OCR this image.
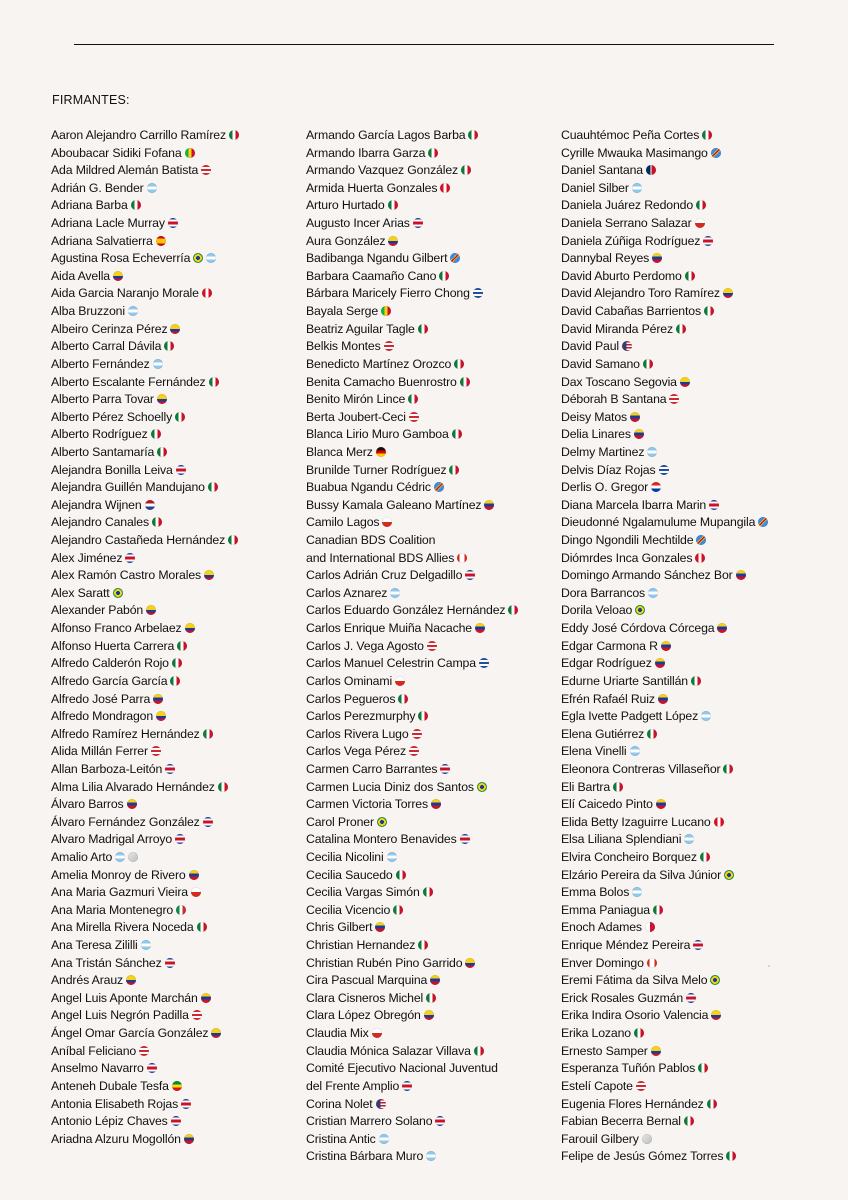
FIRMANTES:
Aaron Alejandro Carrillo Ramírez
Aboubacar Sidiki Fofana
Ada Mildred Alemán Batista
Adrián G. Bender
Adriana Barba
Adriana Lacle Murray
Adriana Salvatierra
Agustina Rosa Echeverría
Aida Avella
Aida Garcia Naranjo Morale
Alba Bruzzoni
Albeiro Cerinza Pérez
Alberto Carral Dávila
Alberto Fernández
Alberto Escalante Fernández
Alberto Parra Tovar
Alberto Pérez Schoelly
Alberto Rodríguez
Alberto Santamaría
Alejandra Bonilla Leiva
Alejandra Guillén Mandujano
Alejandra Wijnen
Alejandro Canales
Alejandro Castañeda Hernández
Alex Jiménez
Alex Ramón Castro Morales
Alex Saratt
Alexander Pabón
Alfonso Franco Arbelaez
Alfonso Huerta Carrera
Alfredo Calderón Rojo
Alfredo García García
Alfredo José Parra
Alfredo Mondragon
Alfredo Ramírez Hernández
Alida Millán Ferrer
Allan Barboza-Leitón
Alma Lilia Alvarado Hernández
Álvaro Barros
Álvaro Fernández González
Alvaro Madrigal Arroyo
Amalio Arto
Amelia Monroy de Rivero
Ana Maria Gazmuri Vieira
Ana Maria Montenegro
Ana Mirella Rivera Noceda
Ana Teresa Zililli
Ana Tristán Sánchez
Andrés Arauz
Angel Luis Aponte Marchán
Angel Luis Negrón Padilla
Ángel Omar García González
Aníbal Feliciano
Anselmo Navarro
Anteneh Dubale Tesfa
Antonia Elisabeth Rojas
Antonio Lépiz Chaves
Ariadna Alzuru Mogollón
Armando García Lagos Barba
Armando Ibarra Garza
Armando Vazquez González
Armida Huerta Gonzales
Arturo Hurtado
Augusto Incer Arias
Aura González
Badibanga Ngandu Gilbert
Barbara Caamaño Cano
Bárbara Maricely Fierro Chong
Bayala Serge
Beatriz Aguilar Tagle
Belkis Montes
Benedicto Martínez Orozco
Benita Camacho Buenrostro
Benito Mirón Lince
Berta Joubert-Ceci
Blanca Lirio Muro Gamboa
Blanca Merz
Brunilde Turner Rodríguez
Buabua Ngandu Cédric
Bussy Kamala Galeano Martínez
Camilo Lagos
Canadian BDS Coalition
and International BDS Allies
Carlos Adrián Cruz Delgadillo
Carlos Aznarez
Carlos Eduardo González Hernández
Carlos Enrique Muiña Nacache
Carlos J. Vega Agosto
Carlos Manuel Celestrin Campa
Carlos Ominami
Carlos Pegueros
Carlos Perezmurphy
Carlos Rivera Lugo
Carlos Vega Pérez
Carmen Carro Barrantes
Carmen Lucia Diniz dos Santos
Carmen Victoria Torres
Carol Proner
Catalina Montero Benavides
Cecilia Nicolini
Cecilia Saucedo
Cecilia Vargas Simón
Cecilia Vicencio
Chris Gilbert
Christian Hernandez
Christian Rubén Pino Garrido
Cira Pascual Marquina
Clara Cisneros Michel
Clara López Obregón
Claudia Mix
Claudia Mónica Salazar Villava
Comité Ejecutivo Nacional Juventud
del Frente Amplio
Corina Nolet
Cristian Marrero Solano
Cristina Antic
Cristina Bárbara Muro
Cuauhtémoc Peña Cortes
Cyrille Mwauka Masimango
Daniel Santana
Daniel Silber
Daniela Juárez Redondo
Daniela Serrano Salazar
Daniela Zúñiga Rodríguez
Dannybal Reyes
David Aburto Perdomo
David Alejandro Toro Ramírez
David Cabañas Barrientos
David Miranda Pérez
David Paul
David Samano
Dax Toscano Segovia
Déborah B Santana
Deisy Matos
Delia Linares
Delmy Martinez
Delvis Díaz Rojas
Derlis O. Gregor
Diana Marcela Ibarra Marin
Dieudonné Ngalamulume Mupangila
Dingo Ngondili Mechtilde
Diómrdes Inca Gonzales
Domingo Armando Sánchez Bor
Dora Barrancos
Dorila Veloao
Eddy José Córdova Córcega
Edgar Carmona R
Edgar Rodríguez
Edurne Uriarte Santillán
Efrén Rafaél Ruiz
Egla Ivette Padgett López
Elena Gutiérrez
Elena Vinelli
Eleonora Contreras Villaseñor
Eli Bartra
Elí Caicedo Pinto
Elida Betty Izaguirre Lucano
Elsa Liliana Splendiani
Elvira Concheiro Borquez
Elzário Pereira da Silva Júnior
Emma Bolos
Emma Paniagua
Enoch Adames
Enrique Méndez Pereira
Enver Domingo
Eremi Fátima da Silva Melo
Erick Rosales Guzmán
Erika Indira Osorio Valencia
Erika Lozano
Ernesto Samper
Esperanza Tuñón Pablos
Estelí Capote
Eugenia Flores Hernández
Fabian Becerra Bernal
Farouil Gilbery
Felipe de Jesús Gómez Torres
